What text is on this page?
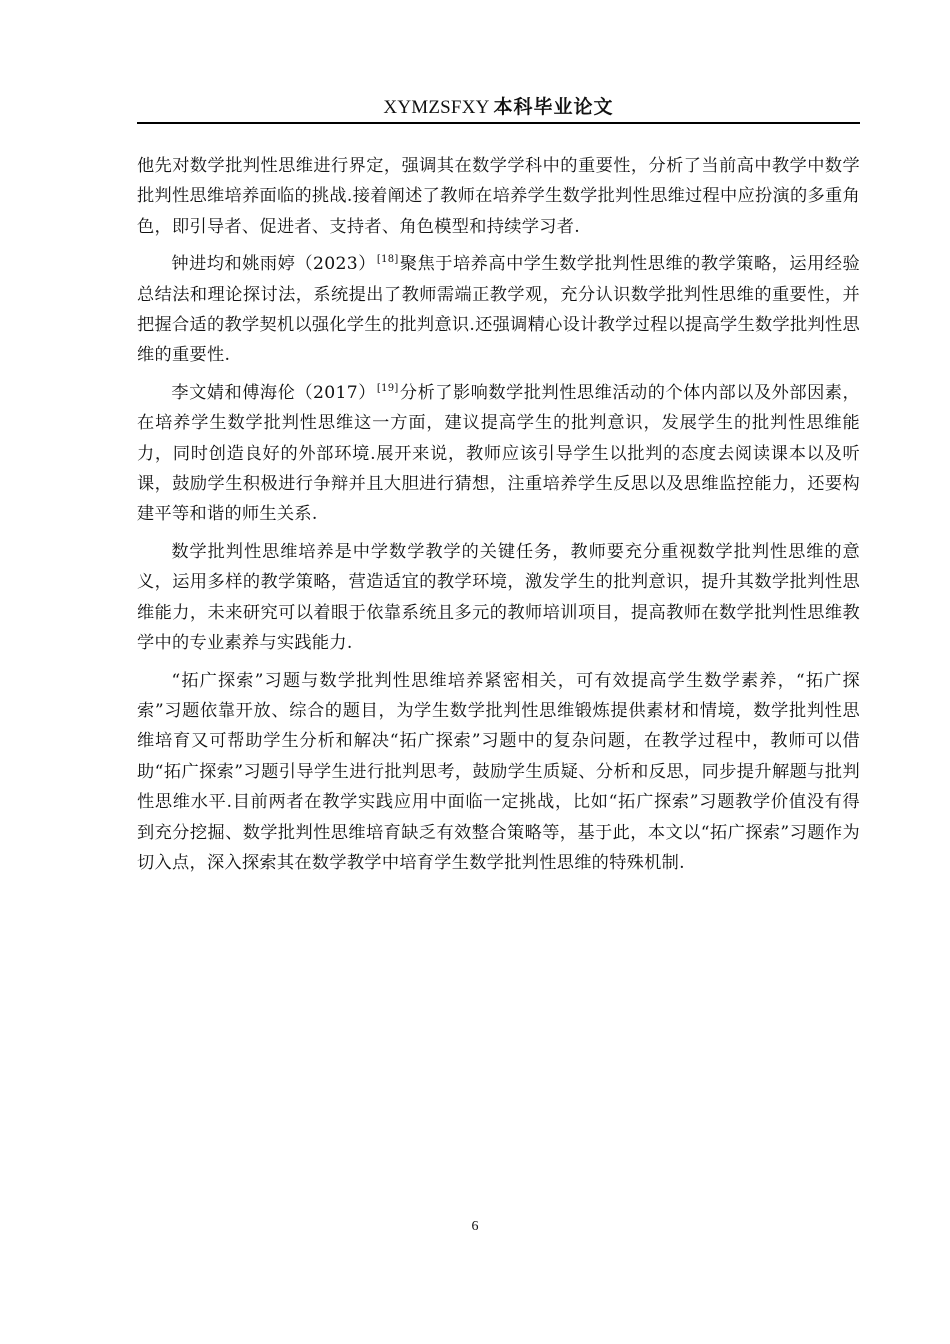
XYMZSFXY 本科毕业论文

他先对数学批判性思维进行界定，强调其在数学学科中的重要性，分析了当前高中教学中数学批判性思维培养面临的挑战.接着阐述了教师在培养学生数学批判性思维过程中应扮演的多重角色，即引导者、促进者、支持者、角色模型和持续学习者.

钟进均和姚雨婷（2023）[18]聚焦于培养高中学生数学批判性思维的教学策略，运用经验总结法和理论探讨法，系统提出了教师需端正教学观，充分认识数学批判性思维的重要性，并把握合适的教学契机以强化学生的批判意识.还强调精心设计教学过程以提高学生数学批判性思维的重要性.

李文婧和傅海伦（2017）[19]分析了影响数学批判性思维活动的个体内部以及外部因素，在培养学生数学批判性思维这一方面，建议提高学生的批判意识，发展学生的批判性思维能力，同时创造良好的外部环境.展开来说，教师应该引导学生以批判的态度去阅读课本以及听课，鼓励学生积极进行争辩并且大胆进行猜想，注重培养学生反思以及思维监控能力，还要构建平等和谐的师生关系.

数学批判性思维培养是中学数学教学的关键任务，教师要充分重视数学批判性思维的意义，运用多样的教学策略，营造适宜的教学环境，激发学生的批判意识，提升其数学批判性思维能力，未来研究可以着眼于依靠系统且多元的教师培训项目，提高教师在数学批判性思维教学中的专业素养与实践能力.

“拓广探索”习题与数学批判性思维培养紧密相关，可有效提高学生数学素养，“拓广探索”习题依靠开放、综合的题目，为学生数学批判性思维锻炼提供素材和情境，数学批判性思维培育又可帮助学生分析和解决“拓广探索”习题中的复杂问题，在教学过程中，教师可以借助“拓广探索”习题引导学生进行批判思考，鼓励学生质疑、分析和反思，同步提升解题与批判性思维水平.目前两者在教学实践应用中面临一定挑战，比如“拓广探索”习题教学价值没有得到充分挖掘、数学批判性思维培育缺乏有效整合策略等，基于此，本文以“拓广探索”习题作为切入点，深入探索其在数学教学中培育学生数学批判性思维的特殊机制.

6
